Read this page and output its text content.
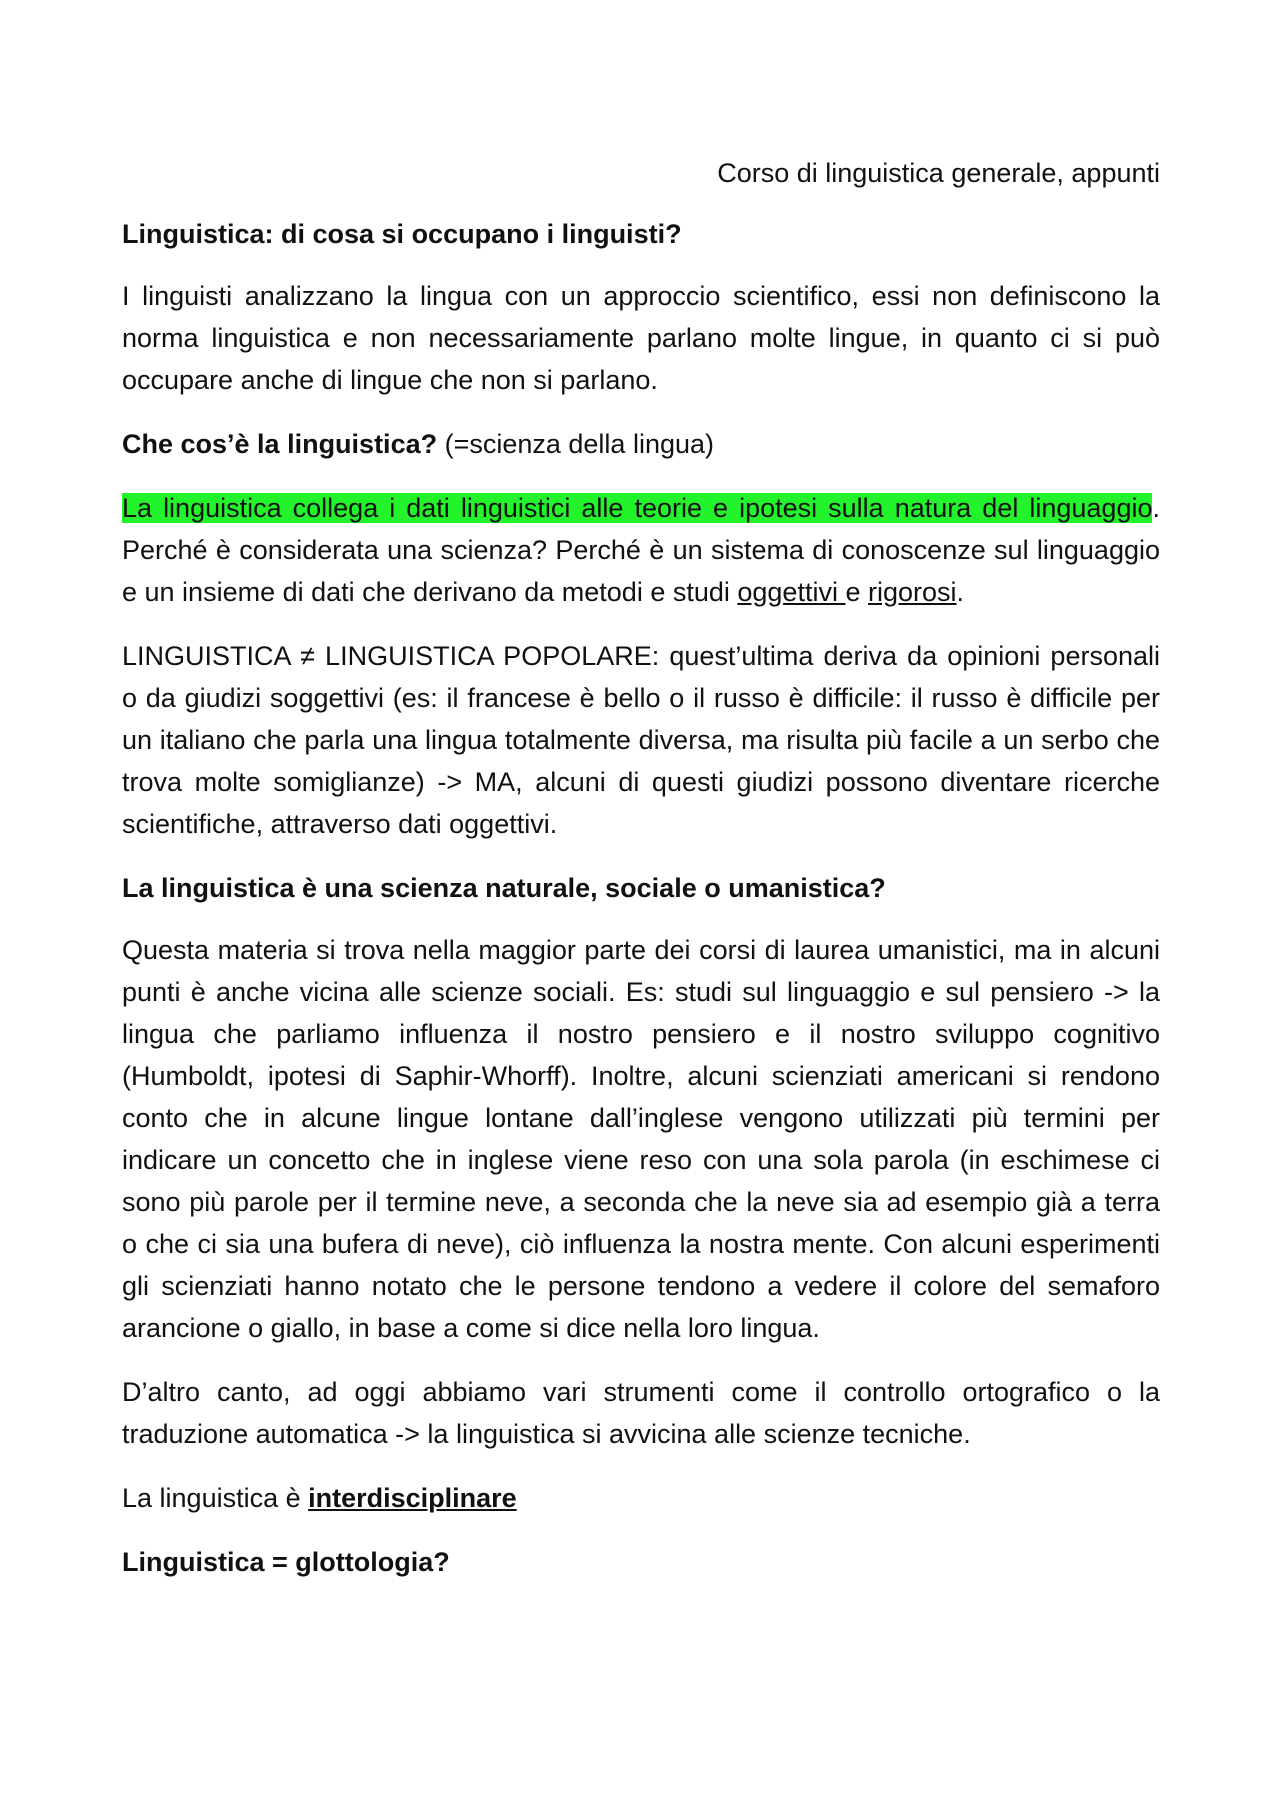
Corso di linguistica generale, appunti

Linguistica: di cosa si occupano i linguisti?

I linguisti analizzano la lingua con un approccio scientifico, essi non definiscono la norma linguistica e non necessariamente parlano molte lingue, in quanto ci si può occupare anche di lingue che non si parlano.

Che cos’è la linguistica? (=scienza della lingua)

La linguistica collega i dati linguistici alle teorie e ipotesi sulla natura del linguaggio. Perché è considerata una scienza? Perché è un sistema di conoscenze sul linguaggio e un insieme di dati che derivano da metodi e studi oggettivi e rigorosi.

LINGUISTICA ≠ LINGUISTICA POPOLARE: quest’ultima deriva da opinioni personali o da giudizi soggettivi (es: il francese è bello o il russo è difficile: il russo è difficile per un italiano che parla una lingua totalmente diversa, ma risulta più facile a un serbo che trova molte somiglianze) -> MA, alcuni di questi giudizi possono diventare ricerche scientifiche, attraverso dati oggettivi.

La linguistica è una scienza naturale, sociale o umanistica?

Questa materia si trova nella maggior parte dei corsi di laurea umanistici, ma in alcuni punti è anche vicina alle scienze sociali. Es: studi sul linguaggio e sul pensiero -> la lingua che parliamo influenza il nostro pensiero e il nostro sviluppo cognitivo (Humboldt, ipotesi di Saphir-Whorff). Inoltre, alcuni scienziati americani si rendono conto che in alcune lingue lontane dall’inglese vengono utilizzati più termini per indicare un concetto che in inglese viene reso con una sola parola (in eschimese ci sono più parole per il termine neve, a seconda che la neve sia ad esempio già a terra o che ci sia una bufera di neve), ciò influenza la nostra mente. Con alcuni esperimenti gli scienziati hanno notato che le persone tendono a vedere il colore del semaforo arancione o giallo, in base a come si dice nella loro lingua.

D’altro canto, ad oggi abbiamo vari strumenti come il controllo ortografico o la traduzione automatica -> la linguistica si avvicina alle scienze tecniche.

La linguistica è interdisciplinare

Linguistica = glottologia?
